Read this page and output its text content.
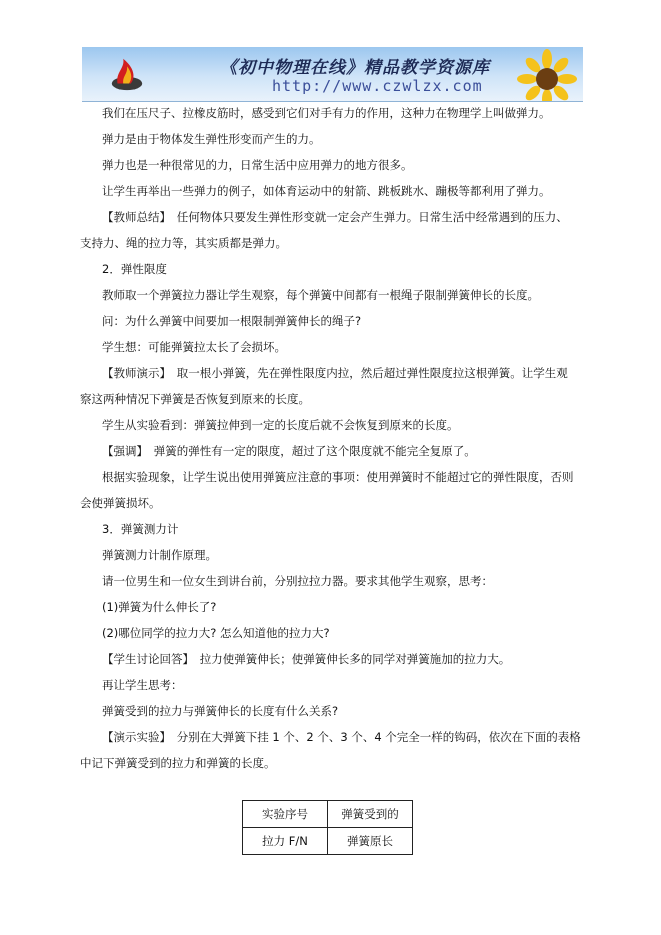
《初中物理在线》精品教学资源库
http://www.czwlzx.com
我们在压尺子、拉橡皮筋时，感受到它们对手有力的作用，这种力在物理学上叫做弹力。
弹力是由于物体发生弹性形变而产生的力。
弹力也是一种很常见的力，日常生活中应用弹力的地方很多。
让学生再举出一些弹力的例子，如体育运动中的射箭、跳板跳水、蹦极等都利用了弹力。
【教师总结】　任何物体只要发生弹性形变就一定会产生弹力。日常生活中经常遇到的压力、
支持力、绳的拉力等，其实质都是弹力。
2．弹性限度
教师取一个弹簧拉力器让学生观察，每个弹簧中间都有一根绳子限制弹簧伸长的长度。
问：为什么弹簧中间要加一根限制弹簧伸长的绳子?
学生想：可能弹簧拉太长了会损坏。
【教师演示】　取一根小弹簧，先在弹性限度内拉，然后超过弹性限度拉这根弹簧。让学生观
察这两种情况下弹簧是否恢复到原来的长度。
学生从实验看到：弹簧拉伸到一定的长度后就不会恢复到原来的长度。
【强调】　弹簧的弹性有一定的限度，超过了这个限度就不能完全复原了。
根据实验现象，让学生说出使用弹簧应注意的事项：使用弹簧时不能超过它的弹性限度，否则
会使弹簧损坏。
3．弹簧测力计
弹簧测力计制作原理。
请一位男生和一位女生到讲台前，分别拉拉力器。要求其他学生观察，思考：
(1)弹簧为什么伸长了?
(2)哪位同学的拉力大? 怎么知道他的拉力大?
【学生讨论回答】　拉力使弹簧伸长；使弹簧伸长多的同学对弹簧施加的拉力大。
再让学生思考：
弹簧受到的拉力与弹簧伸长的长度有什么关系?
【演示实验】　分别在大弹簧下挂 1 个、2 个、3 个、4 个完全一样的钩码，依次在下面的表格
中记下弹簧受到的拉力和弹簧的长度。
实验序号	弹簧受到的
拉力 F/N	弹簧原长
